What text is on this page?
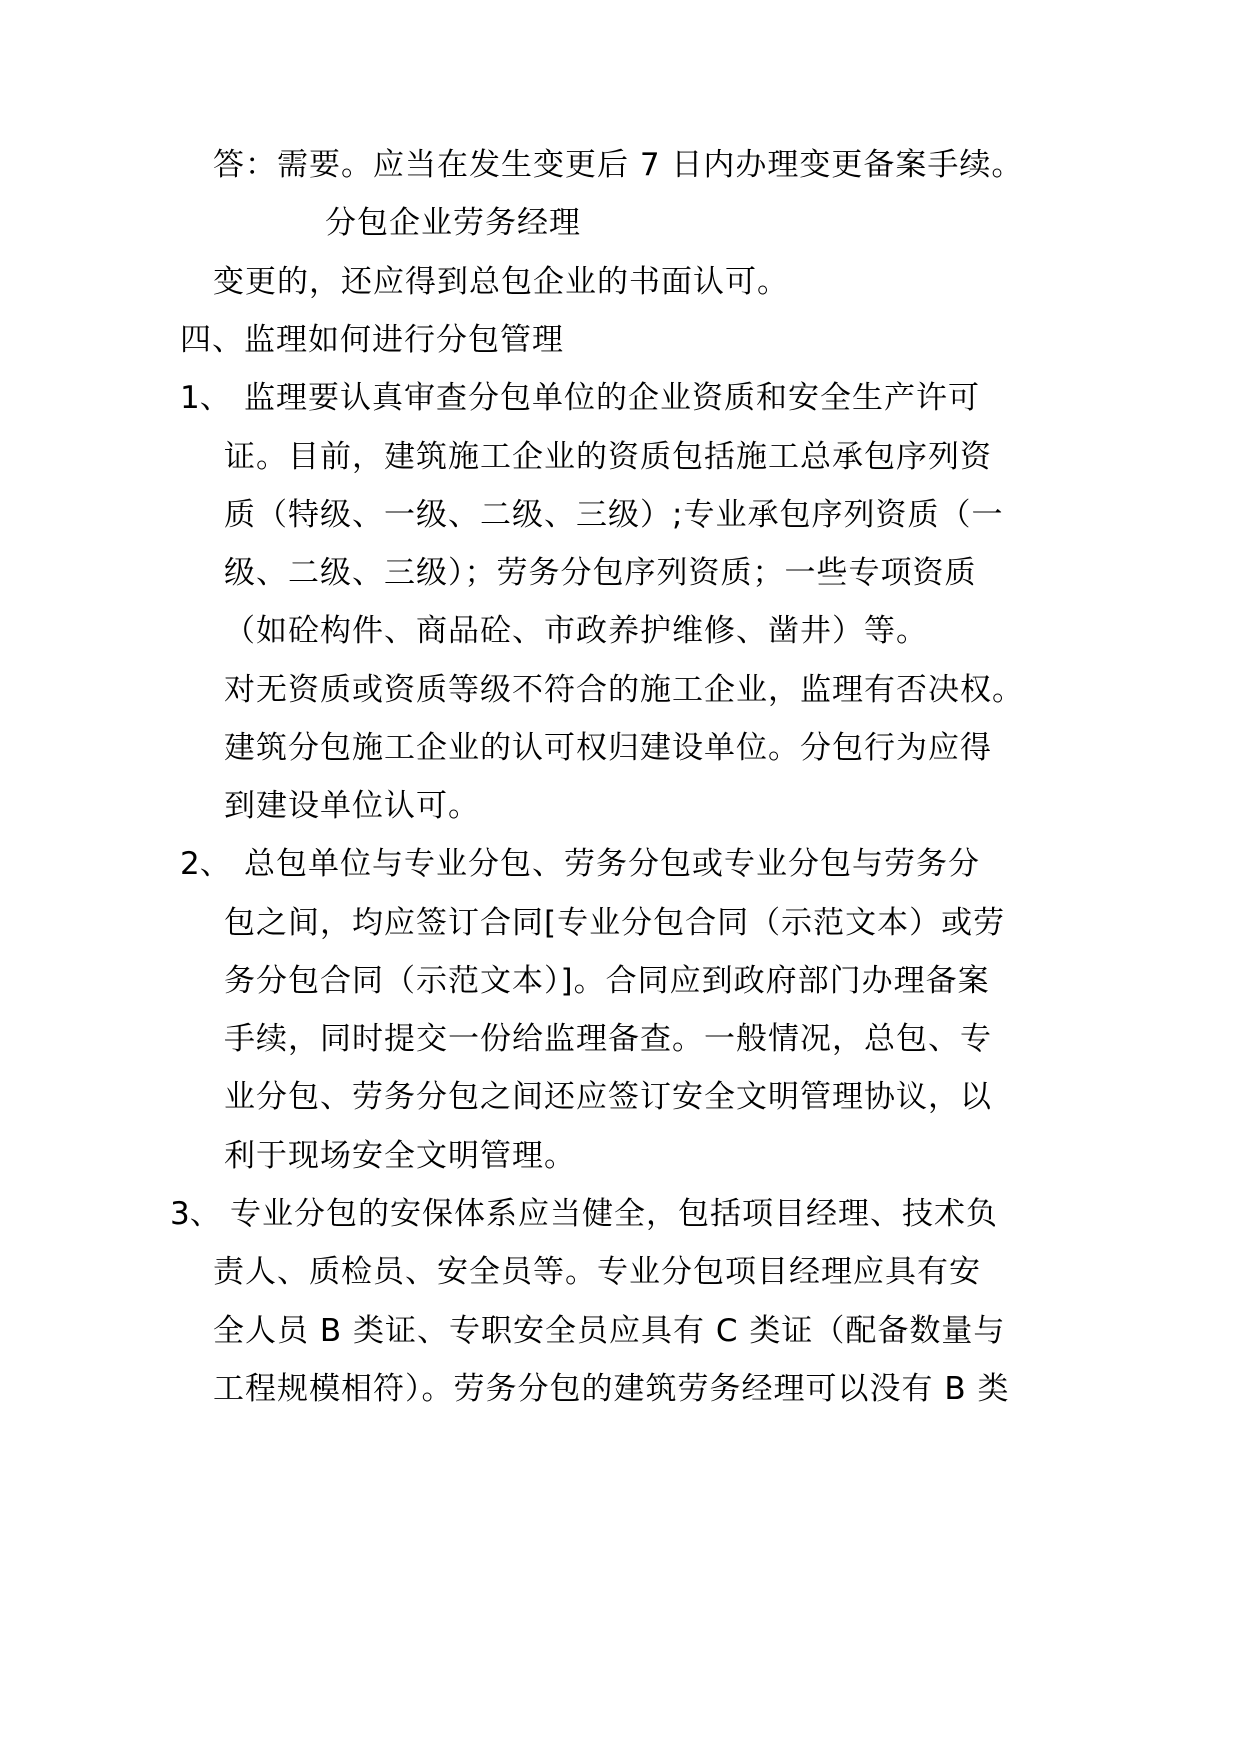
答：需要。应当在发生变更后 7 日内办理变更备案手续。
分包企业劳务经理
变更的，还应得到总包企业的书面认可。
四、监理如何进行分包管理
1、 监理要认真审查分包单位的企业资质和安全生产许可
证。目前，建筑施工企业的资质包括施工总承包序列资
质（特级、一级、二级、三级）;专业承包序列资质（一
级、二级、三级）；劳务分包序列资质；一些专项资质
（如砼构件、商品砼、市政养护维修、凿井）等。
对无资质或资质等级不符合的施工企业，监理有否决权。
建筑分包施工企业的认可权归建设单位。分包行为应得
到建设单位认可。
2、 总包单位与专业分包、劳务分包或专业分包与劳务分
包之间，均应签订合同[专业分包合同（示范文本）或劳
务分包合同（示范文本）]。合同应到政府部门办理备案
手续，同时提交一份给监理备查。一般情况，总包、专
业分包、劳务分包之间还应签订安全文明管理协议，以
利于现场安全文明管理。
3、 专业分包的安保体系应当健全，包括项目经理、技术负
责人、质检员、安全员等。专业分包项目经理应具有安
全人员 B 类证、专职安全员应具有 C 类证（配备数量与
工程规模相符）。劳务分包的建筑劳务经理可以没有 B 类
